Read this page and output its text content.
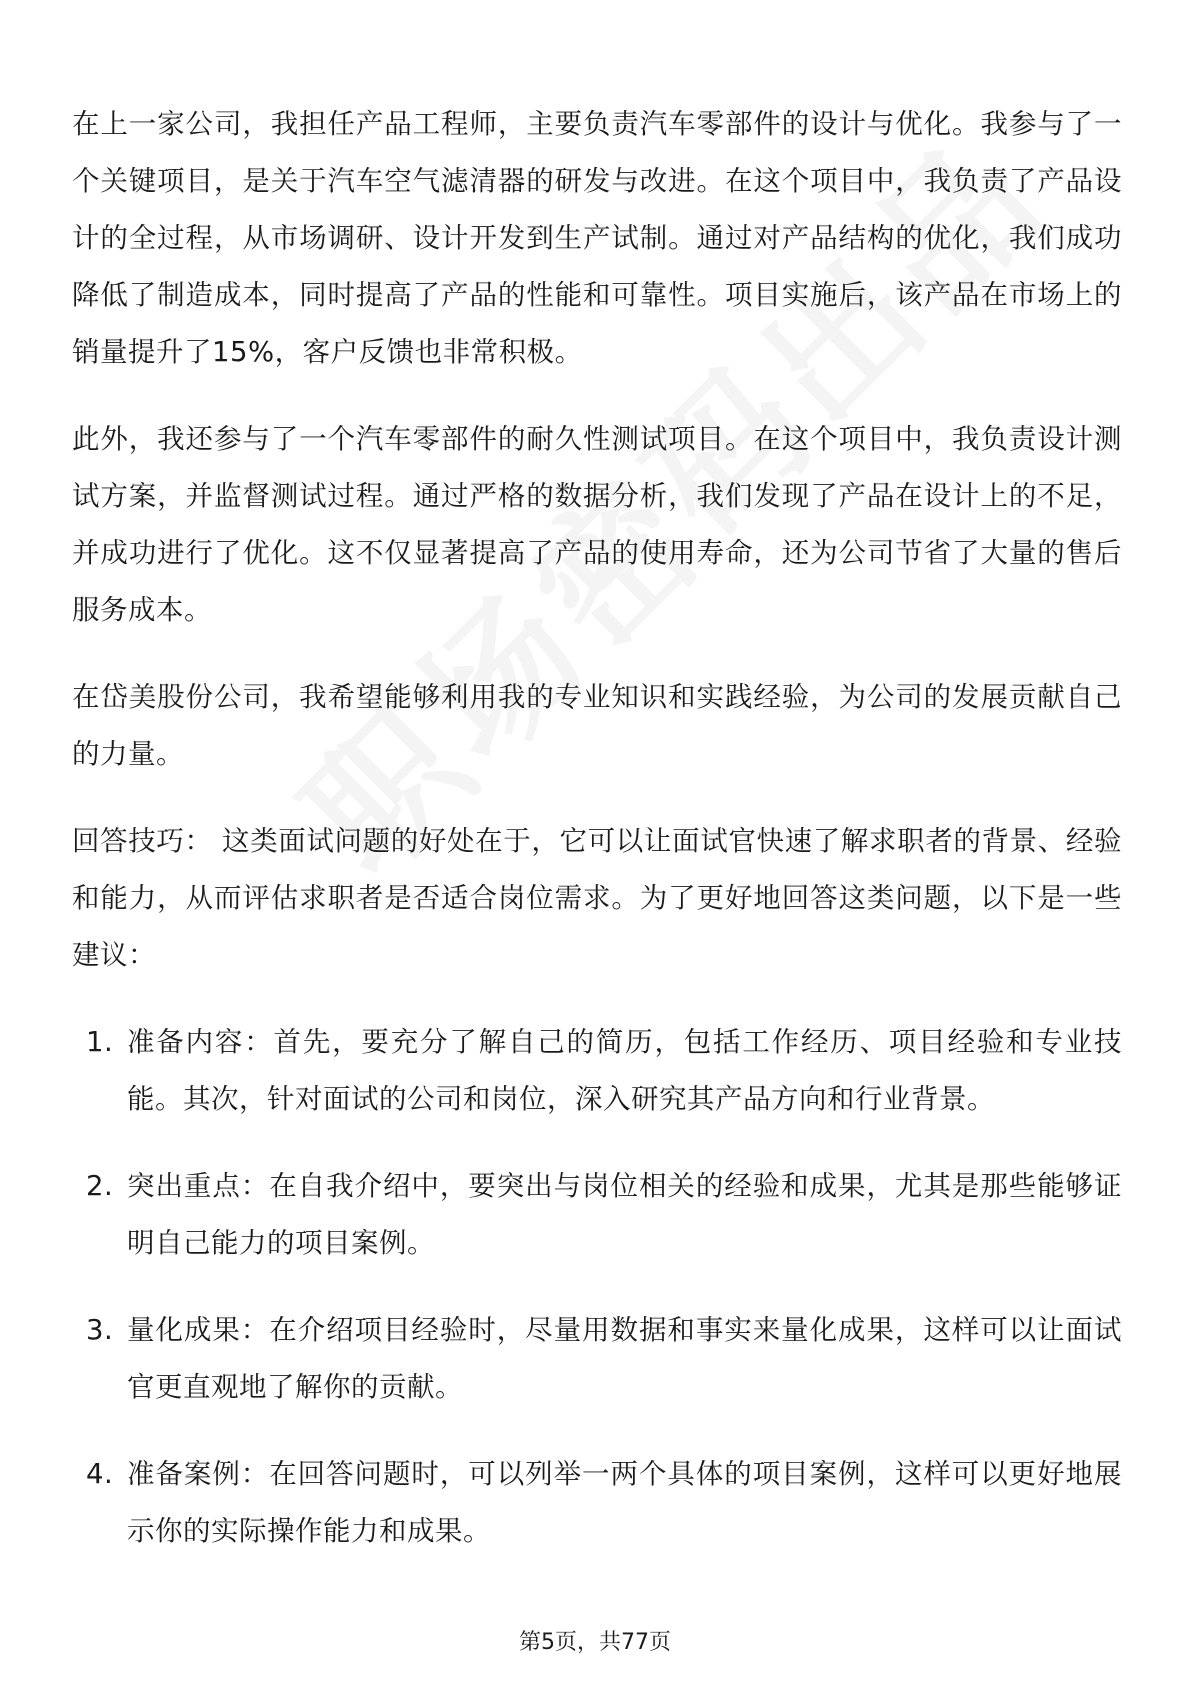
在上一家公司，我担任产品工程师，主要负责汽车零部件的设计与优化。我参与了一个关键项目，是关于汽车空气滤清器的研发与改进。在这个项目中，我负责了产品设计的全过程，从市场调研、设计开发到生产试制。通过对产品结构的优化，我们成功降低了制造成本，同时提高了产品的性能和可靠性。项目实施后，该产品在市场上的销量提升了15%，客户反馈也非常积极。

此外，我还参与了一个汽车零部件的耐久性测试项目。在这个项目中，我负责设计测试方案，并监督测试过程。通过严格的数据分析，我们发现了产品在设计上的不足，并成功进行了优化。这不仅显著提高了产品的使用寿命，还为公司节省了大量的售后服务成本。

在岱美股份公司，我希望能够利用我的专业知识和实践经验，为公司的发展贡献自己的力量。

回答技巧： 这类面试问题的好处在于，它可以让面试官快速了解求职者的背景、经验和能力，从而评估求职者是否适合岗位需求。为了更好地回答这类问题，以下是一些建议：

1. 准备内容：首先，要充分了解自己的简历，包括工作经历、项目经验和专业技能。其次，针对面试的公司和岗位，深入研究其产品方向和行业背景。
2. 突出重点：在自我介绍中，要突出与岗位相关的经验和成果，尤其是那些能够证明自己能力的项目案例。
3. 量化成果：在介绍项目经验时，尽量用数据和事实来量化成果，这样可以让面试官更直观地了解你的贡献。
4. 准备案例：在回答问题时，可以列举一两个具体的项目案例，这样可以更好地展示你的实际操作能力和成果。
第5页，共77页
